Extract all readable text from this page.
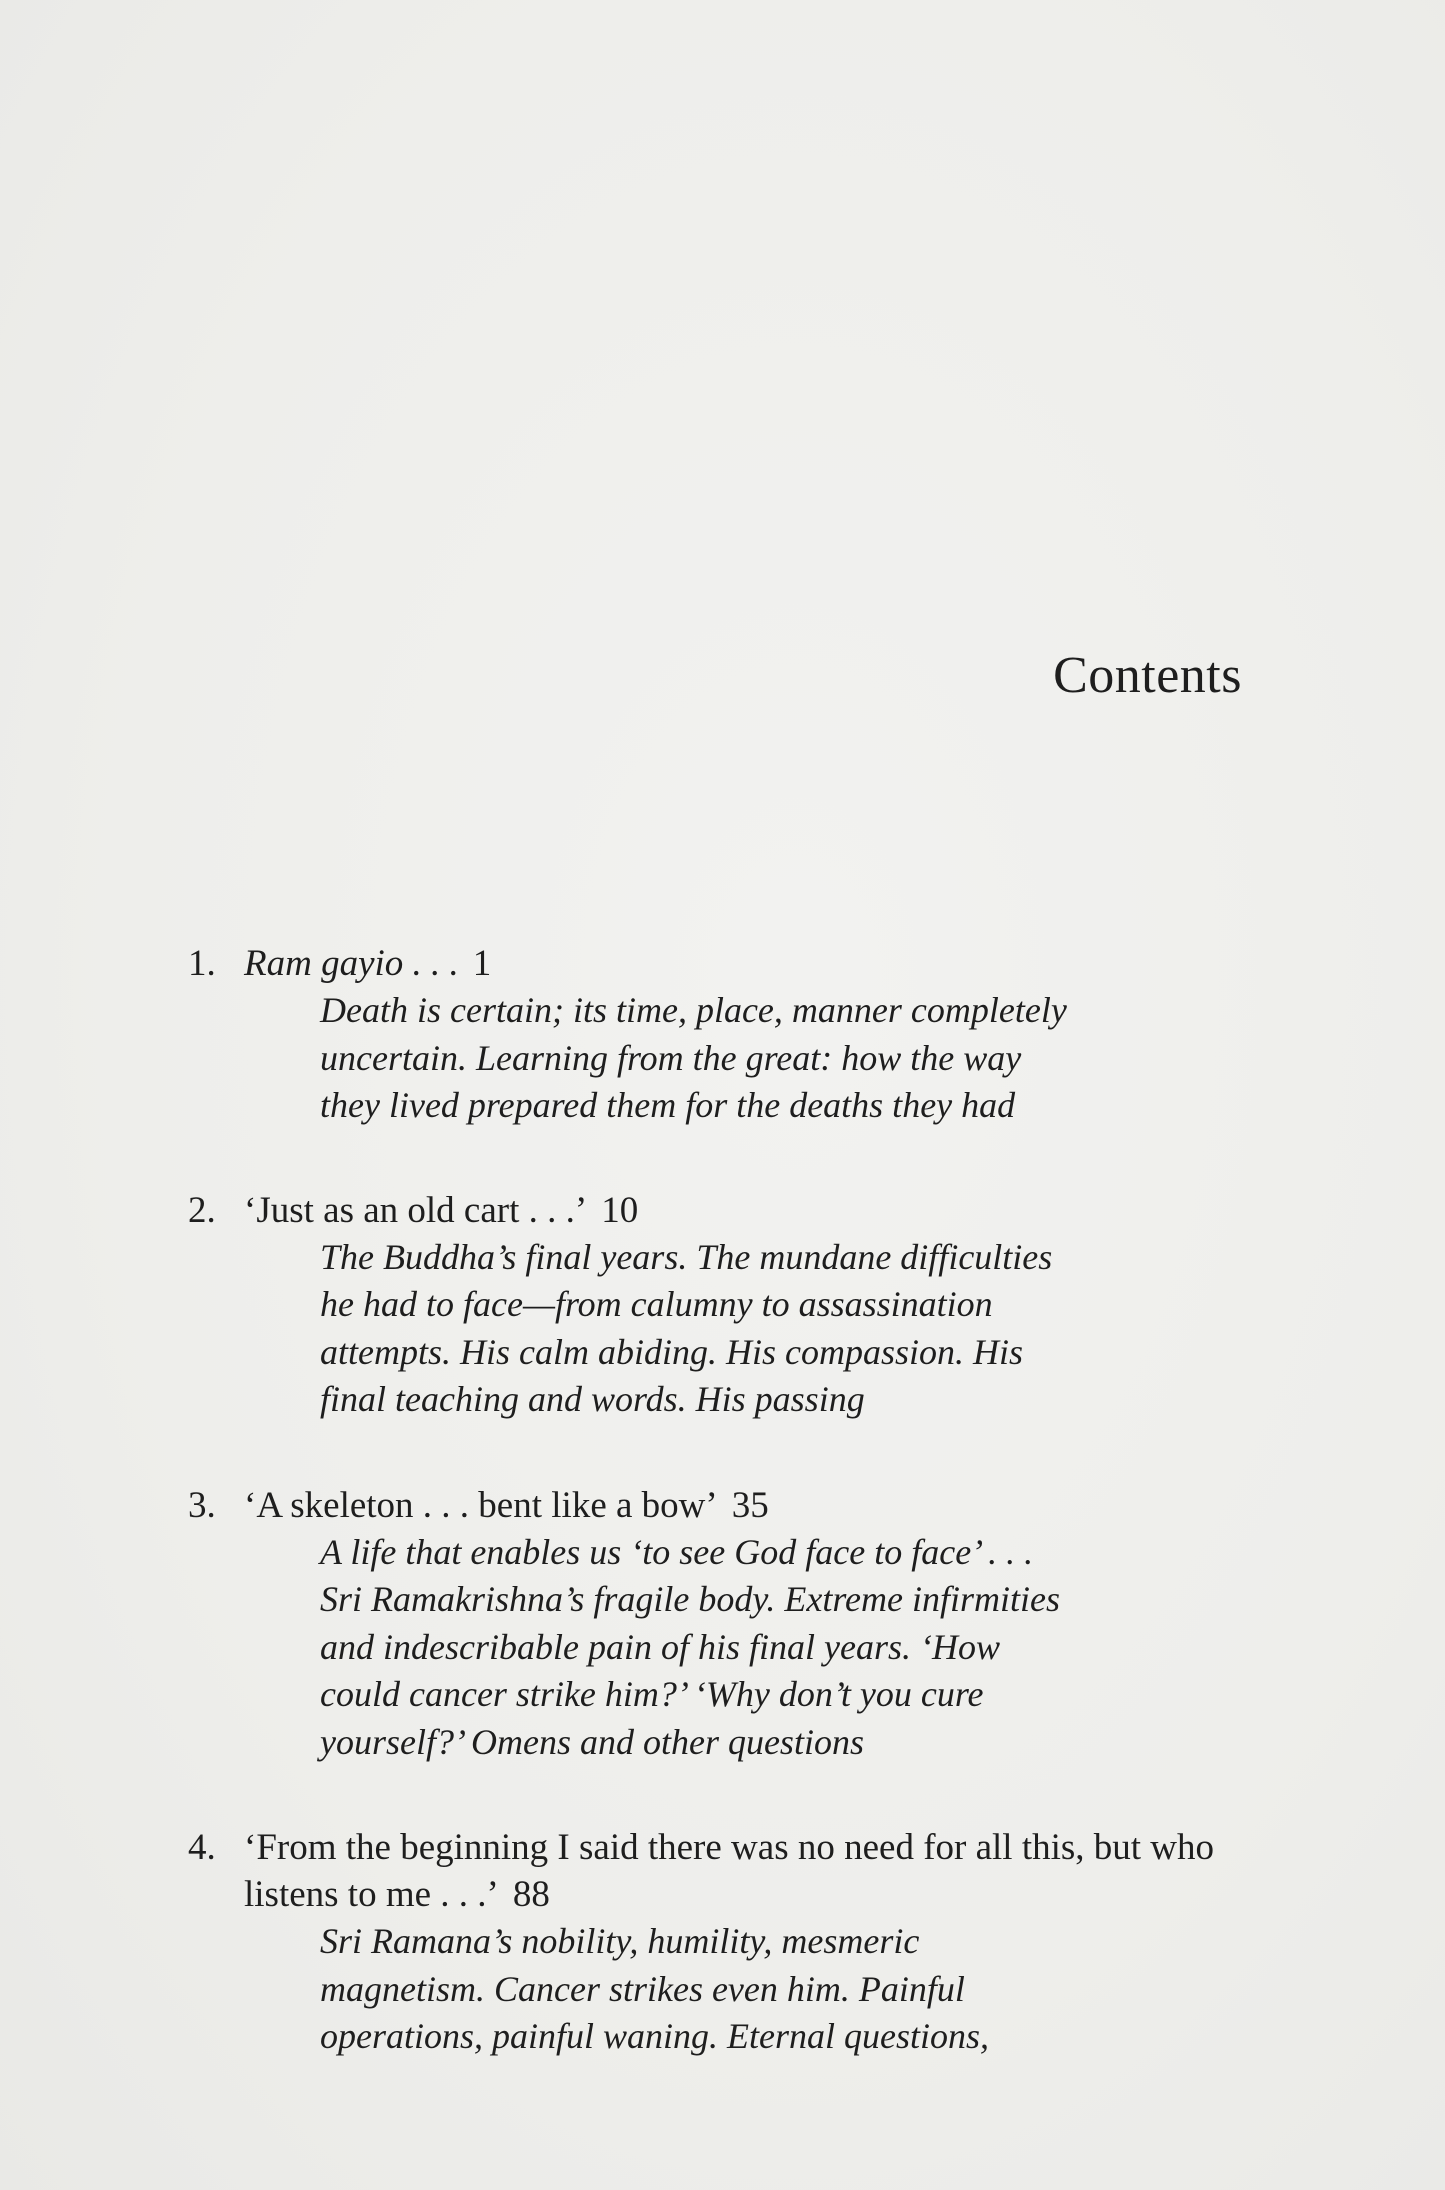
Contents
1. Ram gayio . . . 1
Death is certain; its time, place, manner completely
uncertain. Learning from the great: how the way
they lived prepared them for the deaths they had
2. ‘Just as an old cart . . .’ 10
The Buddha’s final years. The mundane difficulties
he had to face—from calumny to assassination
attempts. His calm abiding. His compassion. His
final teaching and words. His passing
3. ‘A skeleton . . . bent like a bow’ 35
A life that enables us ‘to see God face to face’ . . .
Sri Ramakrishna’s fragile body. Extreme infirmities
and indescribable pain of his final years. ‘How
could cancer strike him?’ ‘Why don’t you cure
yourself?’ Omens and other questions
4. ‘From the beginning I said there was no need for all this, but who listens to me . . .’ 88
Sri Ramana’s nobility, humility, mesmeric
magnetism. Cancer strikes even him. Painful
operations, painful waning. Eternal questions,
